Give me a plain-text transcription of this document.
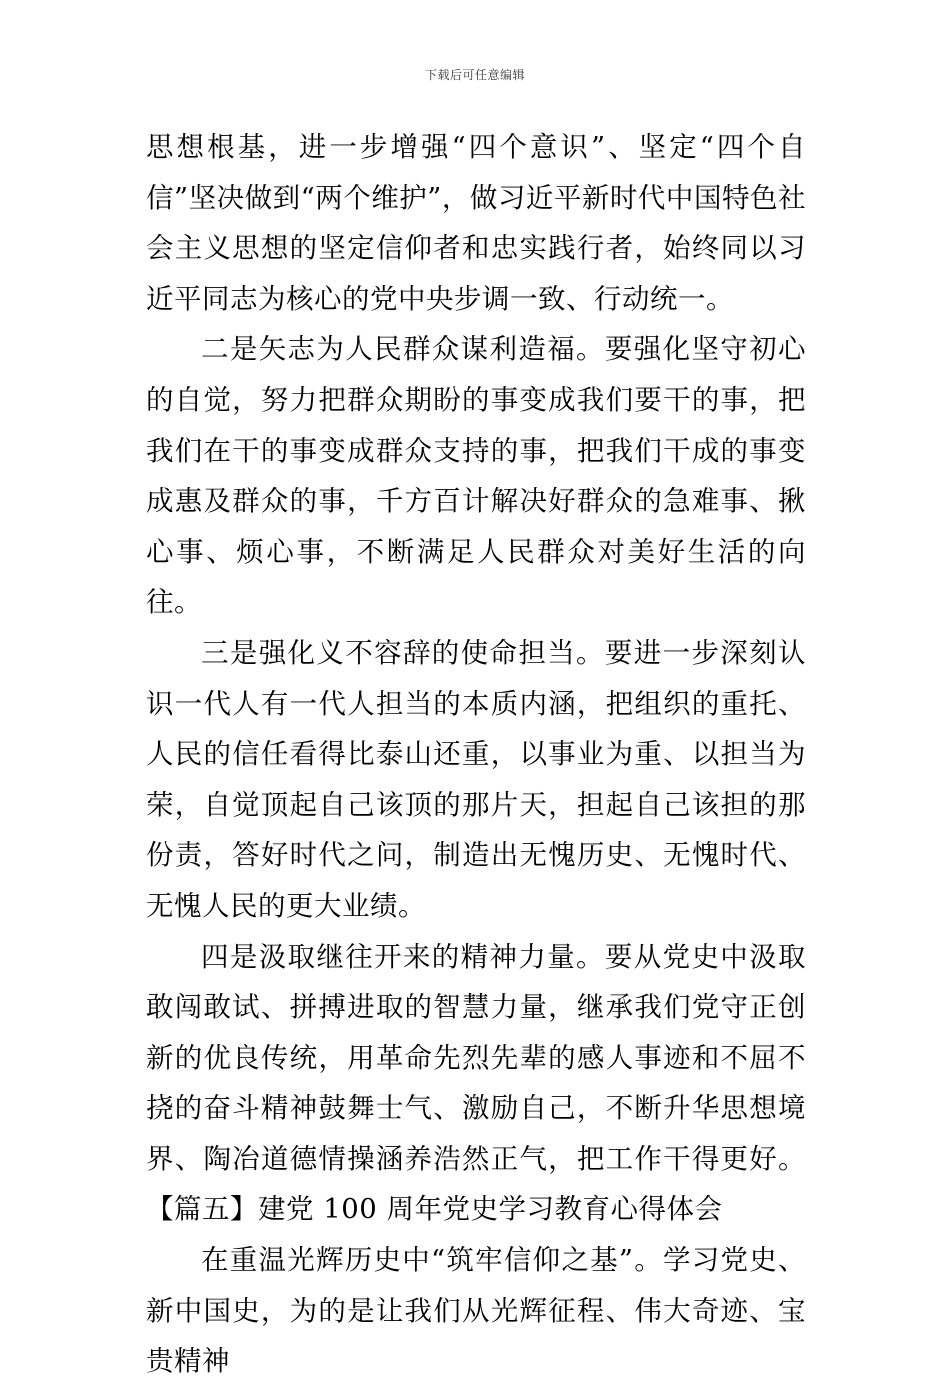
下载后可任意编辑

思想根基，进一步增强“四个意识”、坚定“四个自信”坚决做到“两个维护”，做习近平新时代中国特色社会主义思想的坚定信仰者和忠实践行者，始终同以习近平同志为核心的党中央步调一致、行动统一。

二是矢志为人民群众谋利造福。要强化坚守初心的自觉，努力把群众期盼的事变成我们要干的事，把我们在干的事变成群众支持的事，把我们干成的事变成惠及群众的事，千方百计解决好群众的急难事、揪心事、烦心事，不断满足人民群众对美好生活的向往。

三是强化义不容辞的使命担当。要进一步深刻认识一代人有一代人担当的本质内涵，把组织的重托、人民的信任看得比泰山还重，以事业为重、以担当为荣，自觉顶起自己该顶的那片天，担起自己该担的那份责，答好时代之问，制造出无愧历史、无愧时代、无愧人民的更大业绩。

四是汲取继往开来的精神力量。要从党史中汲取敢闯敢试、拼搏进取的智慧力量，继承我们党守正创新的优良传统，用革命先烈先辈的感人事迹和不屈不挠的奋斗精神鼓舞士气、激励自己，不断升华思想境界、陶冶道德情操涵养浩然正气，把工作干得更好。【篇五】建党 100 周年党史学习教育心得体会

在重温光辉历史中“筑牢信仰之基”。学习党史、新中国史，为的是让我们从光辉征程、伟大奇迹、宝贵精神
